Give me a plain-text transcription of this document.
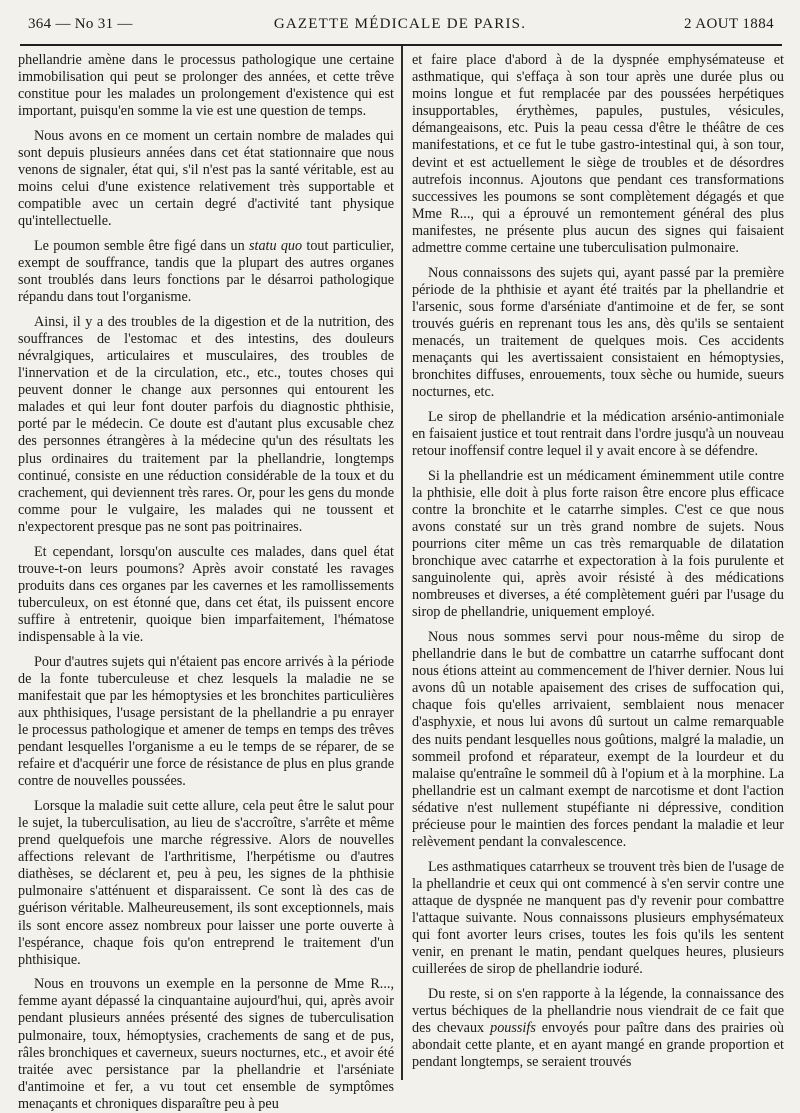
364 — No 31 —	GAZETTE MÉDICALE DE PARIS.	2 AOUT 1884

phellandrie amène dans le processus pathologique une certaine immobilisation qui peut se prolonger des années, et cette trêve constitue pour les malades un prolongement d'existence qui est important, puisqu'en somme la vie est une question de temps.

Nous avons en ce moment un certain nombre de malades qui sont depuis plusieurs années dans cet état stationnaire que nous venons de signaler, état qui, s'il n'est pas la santé véritable, est au moins celui d'une existence relativement très supportable et compatible avec un certain degré d'activité tant physique qu'intellectuelle.

Le poumon semble être figé dans un statu quo tout particulier, exempt de souffrance, tandis que la plupart des autres organes sont troublés dans leurs fonctions par le désarroi pathologique répandu dans tout l'organisme.

Ainsi, il y a des troubles de la digestion et de la nutrition, des souffrances de l'estomac et des intestins, des douleurs névralgiques, articulaires et musculaires, des troubles de l'innervation et de la circulation, etc., etc., toutes choses qui peuvent donner le change aux personnes qui entourent les malades et qui leur font douter parfois du diagnostic phthisie, porté par le médecin. Ce doute est d'autant plus excusable chez des personnes étrangères à la médecine qu'un des résultats les plus ordinaires du traitement par la phellandrie, longtemps continué, consiste en une réduction considérable de la toux et du crachement, qui deviennent très rares. Or, pour les gens du monde comme pour le vulgaire, les malades qui ne toussent et n'expectorent presque pas ne sont pas poitrinaires.

Et cependant, lorsqu'on ausculte ces malades, dans quel état trouve-t-on leurs poumons? Après avoir constaté les ravages produits dans ces organes par les cavernes et les ramollissements tuberculeux, on est étonné que, dans cet état, ils puissent encore suffire à entretenir, quoique bien imparfaitement, l'hématose indispensable à la vie.

Pour d'autres sujets qui n'étaient pas encore arrivés à la période de la fonte tuberculeuse et chez lesquels la maladie ne se manifestait que par les hémoptysies et les bronchites particulières aux phthisiques, l'usage persistant de la phellandrie a pu enrayer le processus pathologique et amener de temps en temps des trêves pendant lesquelles l'organisme a eu le temps de se réparer, de se refaire et d'acquérir une force de résistance de plus en plus grande contre de nouvelles poussées.

Lorsque la maladie suit cette allure, cela peut être le salut pour le sujet, la tuberculisation, au lieu de s'accroître, s'arrête et même prend quelquefois une marche régressive. Alors de nouvelles affections relevant de l'arthritisme, l'herpétisme ou d'autres diathèses, se déclarent et, peu à peu, les signes de la phthisie pulmonaire s'atténuent et disparaissent. Ce sont là des cas de guérison véritable. Malheureusement, ils sont exceptionnels, mais ils sont encore assez nombreux pour laisser une porte ouverte à l'espérance, chaque fois qu'on entreprend le traitement d'un phthisique.

Nous en trouvons un exemple en la personne de Mme R..., femme ayant dépassé la cinquantaine aujourd'hui, qui, après avoir pendant plusieurs années présenté des signes de tuberculisation pulmonaire, toux, hémoptysies, crachements de sang et de pus, râles bronchiques et caverneux, sueurs nocturnes, etc., et avoir été traitée avec persistance par la phellandrie et l'arséniate d'antimoine et fer, a vu tout cet ensemble de symptômes menaçants et chroniques disparaître peu à peu

et faire place d'abord à de la dyspnée emphysémateuse et asthmatique, qui s'effaça à son tour après une durée plus ou moins longue et fut remplacée par des poussées herpétiques insupportables, érythèmes, papules, pustules, vésicules, démangeaisons, etc. Puis la peau cessa d'être le théâtre de ces manifestations, et ce fut le tube gastro-intestinal qui, à son tour, devint et est actuellement le siège de troubles et de désordres autrefois inconnus. Ajoutons que pendant ces transformations successives les poumons se sont complètement dégagés et que Mme R..., qui a éprouvé un remontement général des plus manifestes, ne présente plus aucun des signes qui faisaient admettre comme certaine une tuberculisation pulmonaire.

Nous connaissons des sujets qui, ayant passé par la première période de la phthisie et ayant été traités par la phellandrie et l'arsenic, sous forme d'arséniate d'antimoine et de fer, se sont trouvés guéris en reprenant tous les ans, dès qu'ils se sentaient menacés, un traitement de quelques mois. Ces accidents menaçants qui les avertissaient consistaient en hémoptysies, bronchites diffuses, enrouements, toux sèche ou humide, sueurs nocturnes, etc.

Le sirop de phellandrie et la médication arsénio-antimoniale en faisaient justice et tout rentrait dans l'ordre jusqu'à un nouveau retour inoffensif contre lequel il y avait encore à se défendre.

Si la phellandrie est un médicament éminemment utile contre la phthisie, elle doit à plus forte raison être encore plus efficace contre la bronchite et le catarrhe simples. C'est ce que nous avons constaté sur un très grand nombre de sujets. Nous pourrions citer même un cas très remarquable de dilatation bronchique avec catarrhe et expectoration à la fois purulente et sanguinolente qui, après avoir résisté à des médications nombreuses et diverses, a été complètement guéri par l'usage du sirop de phellandrie, uniquement employé.

Nous nous sommes servi pour nous-même du sirop de phellandrie dans le but de combattre un catarrhe suffocant dont nous étions atteint au commencement de l'hiver dernier. Nous lui avons dû un notable apaisement des crises de suffocation qui, chaque fois qu'elles arrivaient, semblaient nous menacer d'asphyxie, et nous lui avons dû surtout un calme remarquable des nuits pendant lesquelles nous goûtions, malgré la maladie, un sommeil profond et réparateur, exempt de la lourdeur et du malaise qu'entraîne le sommeil dû à l'opium et à la morphine. La phellandrie est un calmant exempt de narcotisme et dont l'action sédative n'est nullement stupéfiante ni dépressive, condition précieuse pour le maintien des forces pendant la maladie et leur relèvement pendant la convalescence.

Les asthmatiques catarrheux se trouvent très bien de l'usage de la phellandrie et ceux qui ont commencé à s'en servir contre une attaque de dyspnée ne manquent pas d'y revenir pour combattre l'attaque suivante. Nous connaissons plusieurs emphysémateux qui font avorter leurs crises, toutes les fois qu'ils les sentent venir, en prenant le matin, pendant quelques heures, plusieurs cuillerées de sirop de phellandrie ioduré.

Du reste, si on s'en rapporte à la légende, la connaissance des vertus béchiques de la phellandrie nous viendrait de ce fait que des chevaux poussifs envoyés pour paître dans des prairies où abondait cette plante, et en ayant mangé en grande proportion et pendant longtemps, se seraient trouvés
